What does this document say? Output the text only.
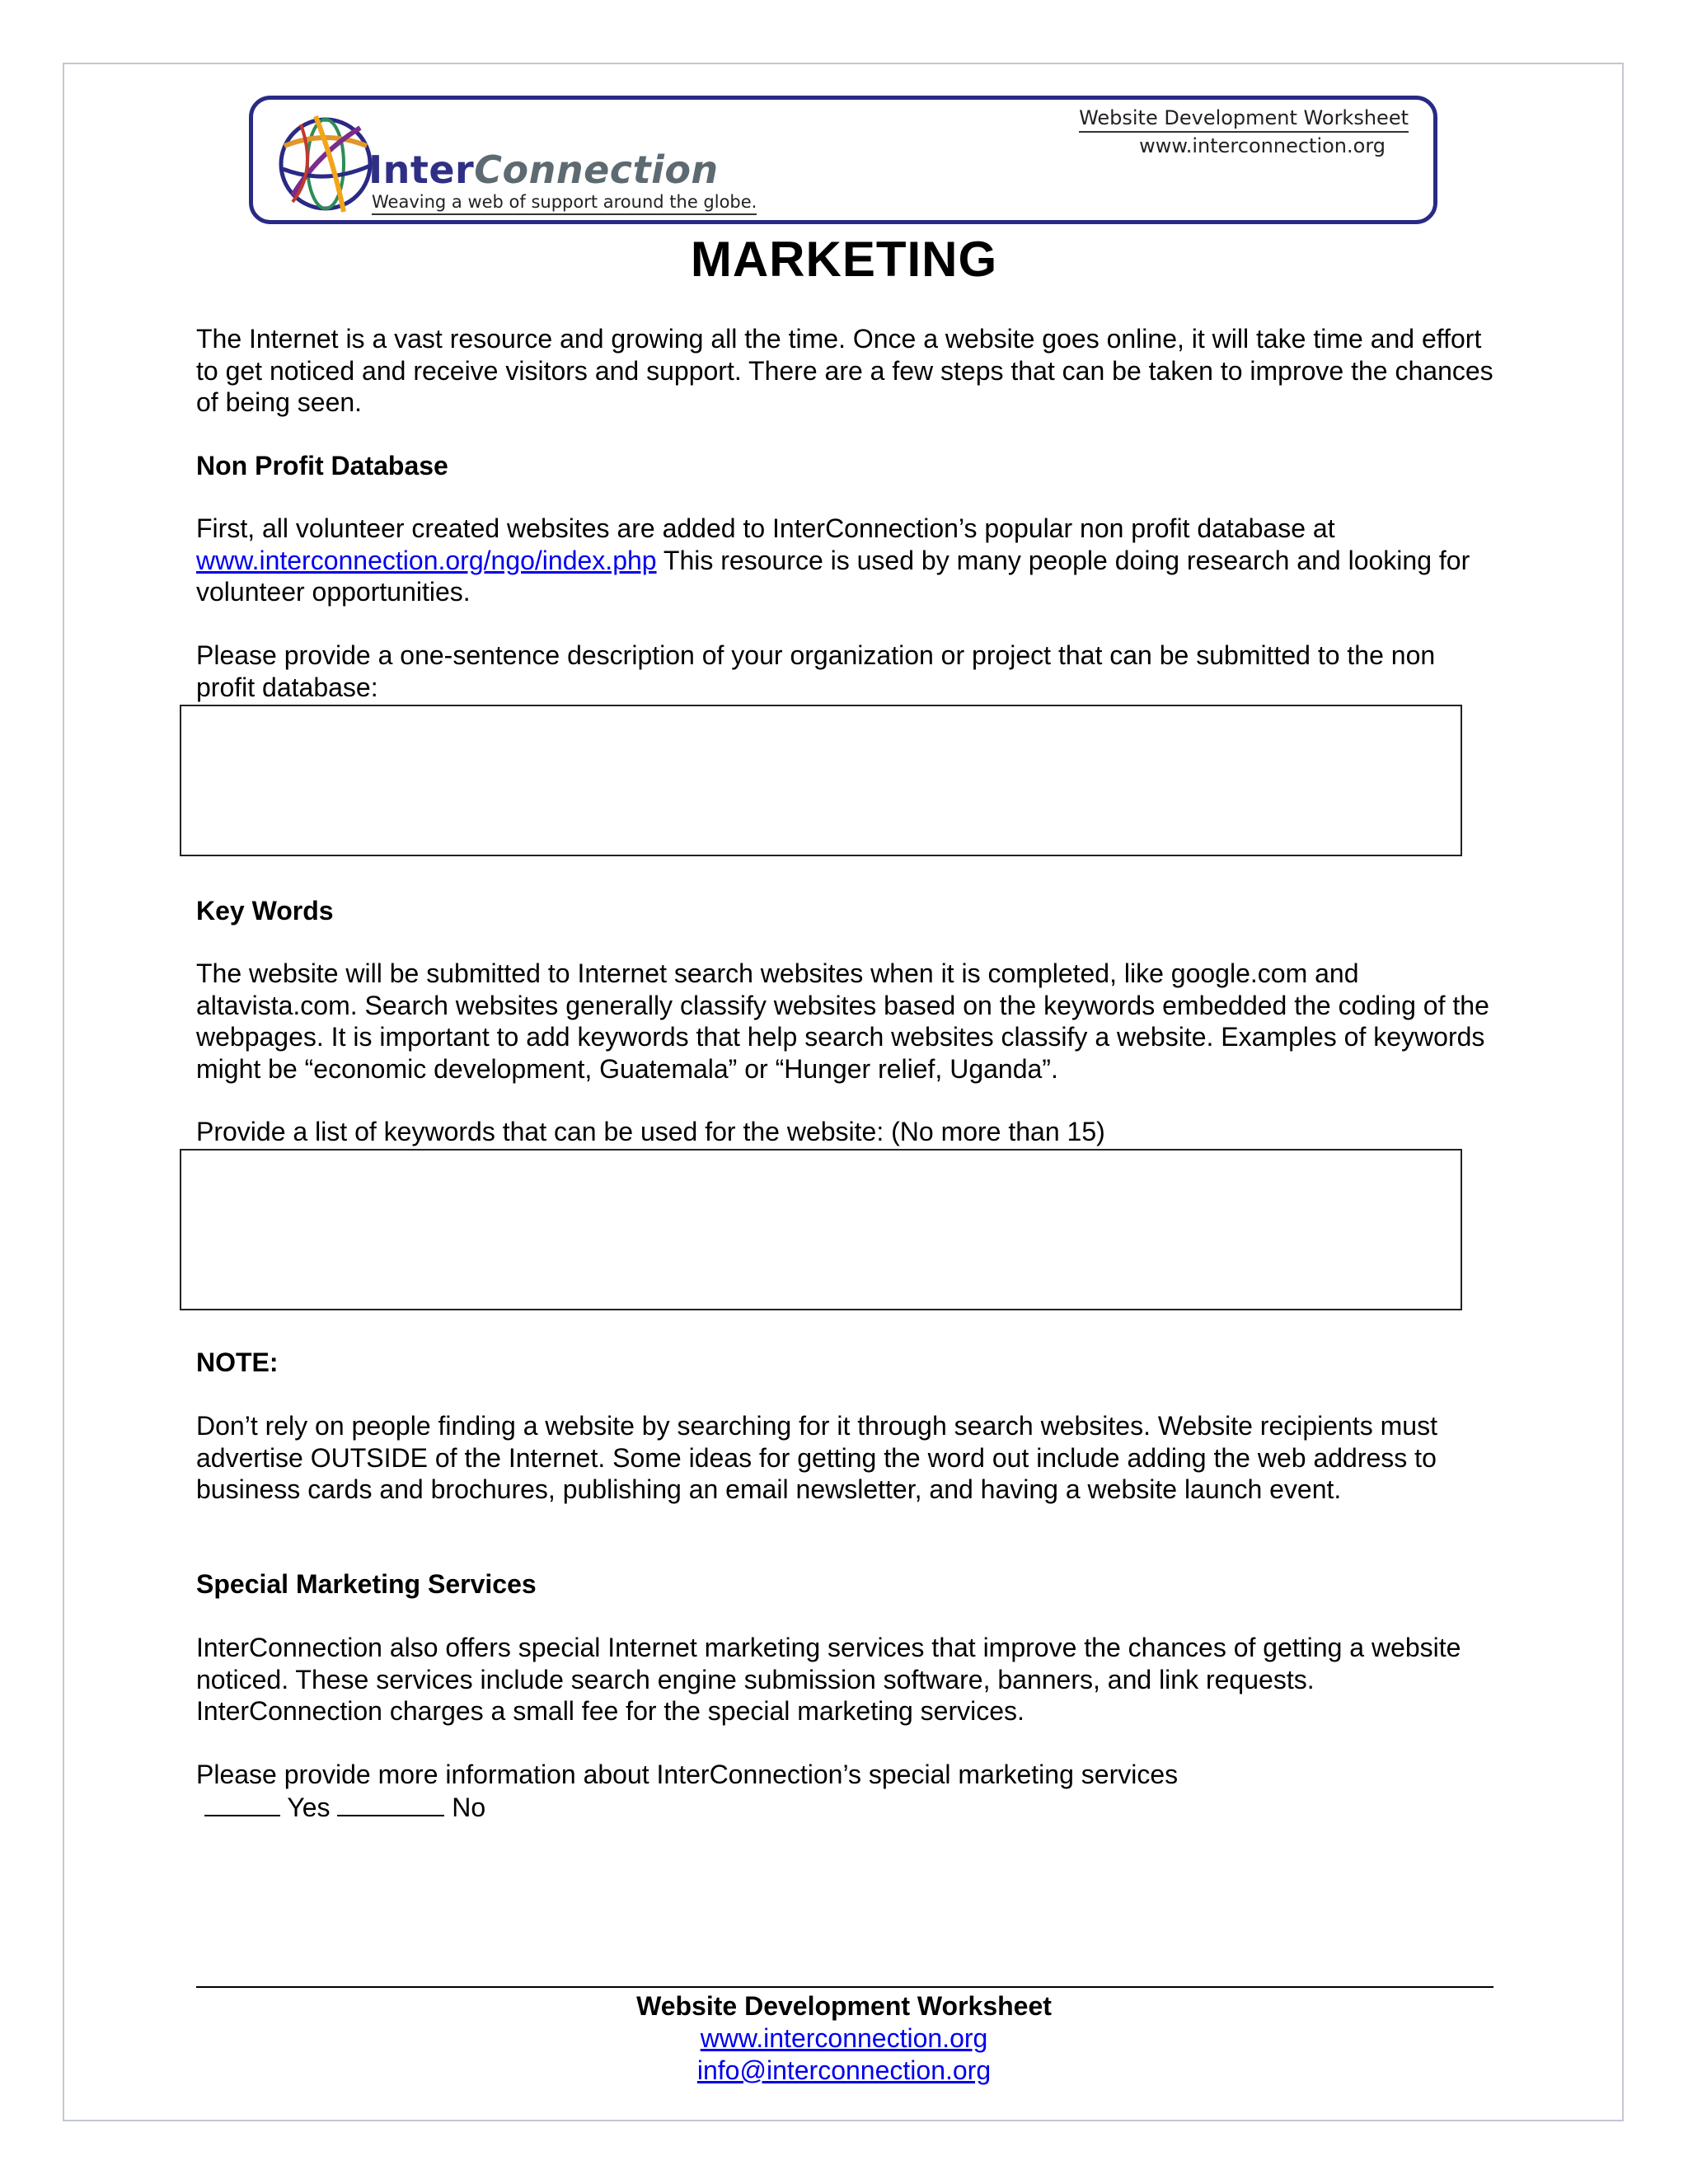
InterConnection
Weaving a web of support around the globe.
Website Development Worksheet
www.interconnection.org
MARKETING

The Internet is a vast resource and growing all the time. Once a website goes online, it will take time and effort to get noticed and receive visitors and support. There are a few steps that can be taken to improve the chances of being seen.

Non Profit Database

First, all volunteer created websites are added to InterConnection’s popular non profit database at www.interconnection.org/ngo/index.php This resource is used by many people doing research and looking for volunteer opportunities.

Please provide a one-sentence description of your organization or project that can be submitted to the non profit database:

Key Words

The website will be submitted to Internet search websites when it is completed, like google.com and altavista.com. Search websites generally classify websites based on the keywords embedded the coding of the webpages. It is important to add keywords that help search websites classify a website. Examples of keywords might be “economic development, Guatemala” or “Hunger relief, Uganda”.

Provide a list of keywords that can be used for the website: (No more than 15)

NOTE:

Don’t rely on people finding a website by searching for it through search websites. Website recipients must advertise OUTSIDE of the Internet. Some ideas for getting the word out include adding the web address to business cards and brochures, publishing an email newsletter, and having a website launch event.

Special Marketing Services

InterConnection also offers special Internet marketing services that improve the chances of getting a website noticed. These services include search engine submission software, banners, and link requests. InterConnection charges a small fee for the special marketing services.

Please provide more information about InterConnection’s special marketing services

Yes	No
Website Development Worksheet
www.interconnection.org
info@interconnection.org
